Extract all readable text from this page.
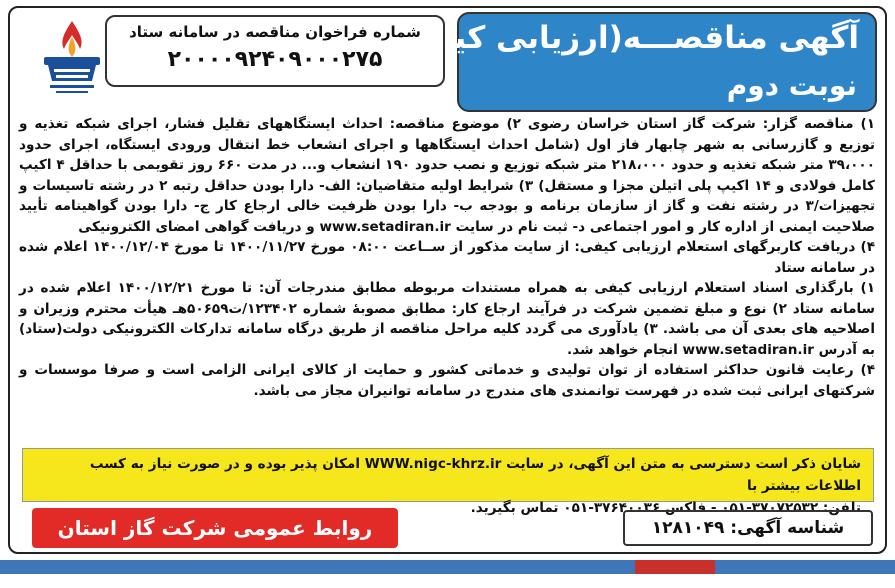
آگهی مناقصـــه(ارزیابی کیـفی)
نوبت دوم
شماره فراخوان مناقصه در سامانه ستاد
۲۰۰۰۰۹۲۴۰۹۰۰۰۲۷۵

۱) مناقصه گزار: شرکت گاز استان خراسان رضوی ۲) موضوع مناقصه: احداث ایستگاههای تقلیل فشار، اجرای شبکه تغذیه و توزیع و گازرسانی به شهر چابهار فاز اول (شامل احداث ایستگاهها و اجرای انشعاب خط انتقال ورودی ایستگاه، اجرای حدود ۳۹،۰۰۰ متر شبکه تغذیه و حدود ۲۱۸،۰۰۰ متر شبکه توزیع و نصب حدود ۱۹۰ انشعاب و... در مدت ۶۶۰ روز تقویمی با حداقل ۴ اکیپ کامل فولادی و ۱۴ اکیپ پلی اتیلن مجزا و مستقل) ۳) شرایط اولیه متقاضیان: الف- دارا بودن حداقل رتبه ۲ در رشته تاسیسات و تجهیزات/۳ در رشته نفت و گاز از سازمان برنامه و بودجه ب- دارا بودن ظرفیت خالی ارجاع کار ج- دارا بودن گواهینامه تأیید صلاحیت ایمنی از اداره کار و امور اجتماعی د- ثبت نام در سایت www.setadiran.ir و دریافت گواهی امضای الکترونیکی

۴) دریافت کاربرگهای استعلام ارزیابی کیفی: از سایت مذکور از ســاعت ۰۸:۰۰ مورخ ۱۴۰۰/۱۱/۲۷ تا مورخ ۱۴۰۰/۱۲/۰۴ اعلام شده در سامانه ستاد

۱) بارگذاری اسناد استعلام ارزیابی کیفی به همراه مستندات مربوطه مطابق مندرجات آن: تا مورخ ۱۴۰۰/۱۲/۲۱ اعلام شده در سامانه ستاد ۲) نوع و مبلغ تضمین شرکت در فرآیند ارجاع کار: مطابق مصوبهٔ شماره ۱۲۳۴۰۲/ت۵۰۶۵۹هـ هیأت محترم وزیران و اصلاحیه های بعدی آن می باشد. ۳) یادآوری می گردد کلیه مراحل مناقصه از طریق درگاه سامانه تدارکات الکترونیکی دولت(ستاد) به آدرس www.setadiran.ir انجام خواهد شد.

۴) رعایت قانون حداکثر استفاده از توان تولیدی و خدماتی کشور و حمایت از کالای ایرانی الزامی است و صرفا موسسات و شرکتهای ایرانی ثبت شده در فهرست توانمندی های مندرج در سامانه توانیران مجاز می باشد.

شایان ذکر است دسترسی به متن این آگهی، در سایت WWW.nigc-khrz.ir امکان پذیر بوده و در صورت نیاز به کسب اطلاعات بیشتر با
تلفن: ۳۷۰۷۲۵۳۲-۰۵۱ - فاکس ۳۷۶۴۰۰۳۶-۰۵۱ تماس بگیرید.
شناسه آگهی: ۱۲۸۱۰۴۹
روابط عمومی شرکت گاز استان
